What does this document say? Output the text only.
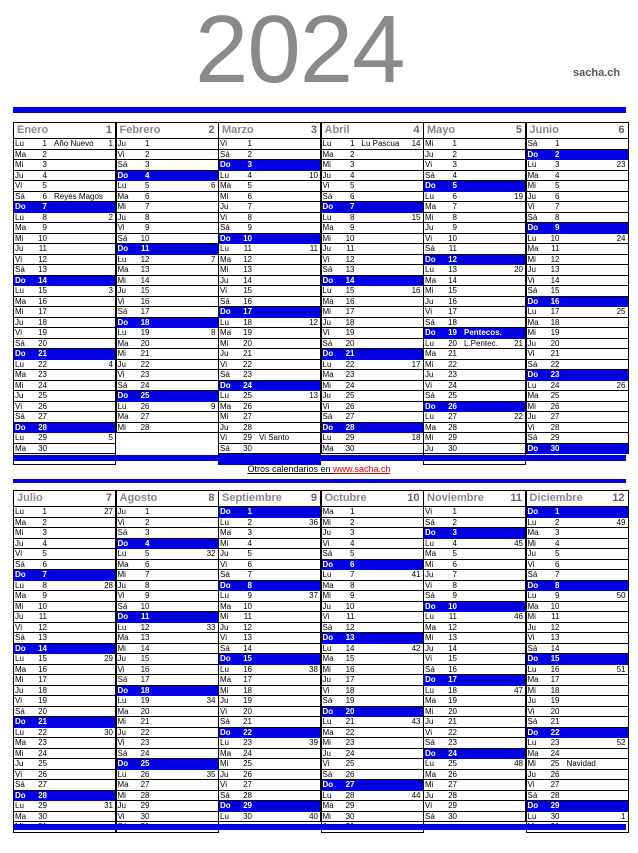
2024	sacha.ch
Enero	1
Lu	1	1
Año Nuevo
Ma	2
Mi	3
Ju	4
Vi	5
Sá	6 Reyes Magos
Do	7
Lu	8	2
Ma	9
Mi	10
Ju	11
Vi	12
Sá	13
Do	14
Lu	15	3
Ma	16
Mi	17
Ju	18
Vi	19
Sá	20
Do	21
Lu	22	4
Ma	23
Mi	24
Ju	25
Vi	26
Sá	27
Do	28
Lu	29	5
Ma	30
Febrero	2
Ju	1
Vi	2
Sá	3
Do	4
Lu	5	6
Ma	6
Mi	7
Ju	8
Vi	9
Sá	10
Do	11
Lu	12	7
Ma	13
Mi	14
Ju	15
Vi	16
Sá	17
Do	18
Lu	19	8
Ma	20
Mi	21
Ju	22
Vi	23
Sá	24
Do	25
Lu	26	9
Ma	27
Mi	28
Marzo	3
Vi	1
Sá	2
Do	3
Lu	4	10
Ma	5
Mi	6
Ju	7
Vi	8
Sá	9
Do	10
Lu	11	11
Ma	12
Mi	13
Ju	14
Vi	15
Sá	16
Do	17
Lu	18	12
Ma	19
Mi	20
Ju	21
Vi	22
Sá	23
Do	24
Lu	25	13
Ma	26
Mi	27
Ju	28
Vi	29 Vi Santo
Sá	30
Abril	4
Lu	1	14
Lu Pascua
Ma	2
Mi	3
Ju	4
Vi	5
Sá	6
Do	7
Lu	8	15
Ma	9
Mi	10
Ju	11
Vi	12
Sá	13
Do	14
Lu	15	16
Ma	16
Mi	17
Ju	18
Vi	19
Sá	20
Do	21
Lu	22	17
Ma	23
Mi	24
Ju	25
Vi	26
Sá	27
Do	28
Lu	29	18
Ma	30
Mayo	5
Mi	1
Ju	2
Vi	3
Sá	4
Do	5
Lu	6	19
Ma	7
Mi	8
Ju	9
Vi	10
Sá	11
Do	12
Lu	13	20
Ma	14
Mi	15
Ju	16
Vi	17
Sá	18
Do	19 Pentecos.
Lu	20	21
L.Pentec.
Ma	21
Mi	22
Ju	23
Vi	24
Sá	25
Do	26
Lu	27	22
Ma	28
Mi	29
Ju	30
Junio	6
Sá	1
Do	2
Lu	3	23
Ma	4
Mi	5
Ju	6
Vi	7
Sá	8
Do	9
Lu	10	24
Ma	11
Mi	12
Ju	13
Vi	14
Sá	15
Do	16
Lu	17	25
Ma	18
Mi	19
Ju	20
Vi	21
Sá	22
Do	23
Lu	24	26
Ma	25
Mi	26
Ju	27
Vi	28
Sá	29
Do	30
Otros calendarios en www.sacha.ch
Julio	7
Lu	1	27
Ma	2
Mi	3
Ju	4
Vi	5
Sá	6
Do	7
Lu	8	28
Ma	9
Mi	10
Ju	11
Vi	12
Sá	13
Do	14
Lu	15	29
Ma	16
Mi	17
Ju	18
Vi	19
Sá	20
Do	21
Lu	22	30
Ma	23
Mi	24
Ju	25
Vi	26
Sá	27
Do	28
Lu	29	31
Ma	30
Agosto	8
Ju	1
Vi	2
Sá	3
Do	4
Lu	5	32
Ma	6
Mi	7
Ju	8
Vi	9
Sá	10
Do	11
Lu	12	33
Ma	13
Mi	14
Ju	15
Vi	16
Sá	17
Do	18
Lu	19	34
Ma	20
Mi	21
Ju	22
Vi	23
Sá	24
Do	25
Lu	26	35
Ma	27
Mi	28
Ju	29
Vi	30
Septiembre	9
Do	1
Lu	2	36
Ma	3
Mi	4
Ju	5
Vi	6
Sá	7
Do	8
Lu	9	37
Ma	10
Mi	11
Ju	12
Vi	13
Sá	14
Do	15
Lu	16	38
Ma	17
Mi	18
Ju	19
Vi	20
Sá	21
Do	22
Lu	23	39
Ma	24
Mi	25
Ju	26
Vi	27
Sá	28
Do	29
Lu	30	40
Octubre	10
Ma	1
Mi	2
Ju	3
Vi	4
Sá	5
Do	6
Lu	7	41
Ma	8
Mi	9
Ju	10
Vi	11
Sá	12
Do	13
Lu	14	42
Ma	15
Mi	16
Ju	17
Vi	18
Sá	19
Do	20
Lu	21	43
Ma	22
Mi	23
Ju	24
Vi	25
Sá	26
Do	27
Lu	28	44
Ma	29
Mi	30
Noviembre 11
Vi	1
Sá	2
Do	3
Lu	4	45
Ma	5
Mi	6
Ju	7
Vi	8
Sá	9
Do	10
Lu	11	46
Ma	12
Mi	13
Ju	14
Vi	15
Sá	16
Do	17
Lu	18	47
Ma	19
Mi	20
Ju	21
Vi	22
Sá	23
Do	24
Lu	25	48
Ma	26
Mi	27
Ju	28
Vi	29
Sá	30
Diciembre	12
Do	1
Lu	2	49
Ma	3
Mi	4
Ju	5
Vi	6
Sá	7
Do	8
Lu	9	50
Ma	10
Mi	11
Ju	12
Vi	13
Sá	14
Do	15
Lu	16	51
Ma	17
Mi	18
Ju	19
Vi	20
Sá	21
Do	22
Lu	23	52
Ma	24
Mi	25 Navidad
Ju	26
Vi	27
Sá	28
Do	29
Lu	30	1
